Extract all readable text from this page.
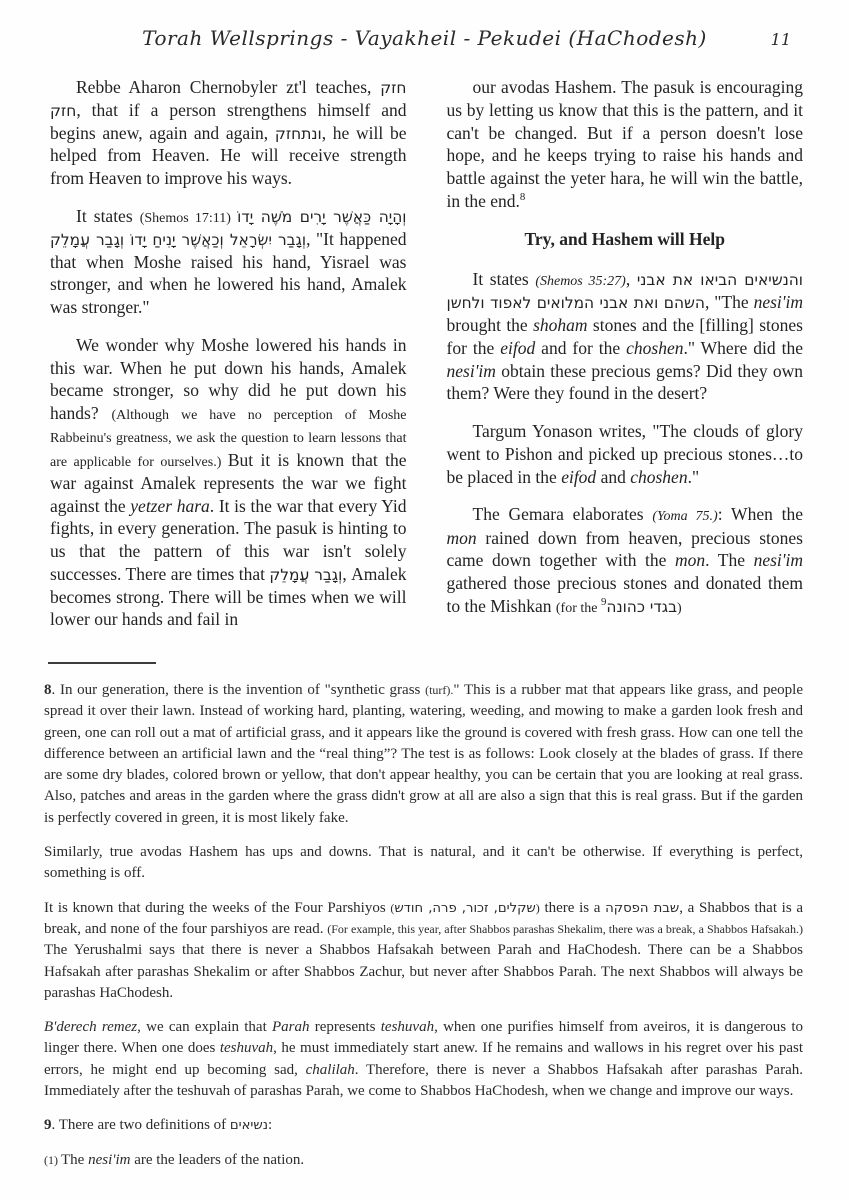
Torah Wellsprings - Vayakheil - Pekudei (HaChodesh)	11

Rebbe Aharon Chernobyler zt'l teaches, חזק חזק, that if a person strengthens himself and begins anew, again and again, ונתחזק, he will be helped from Heaven. He will receive strength from Heaven to improve his ways.

It states (Shemos 17:11) וְהָיָה כַּאֲשֶׁר יָרִים מֹשֶׁה יָדוֹ וְגָבַר יִשְׂרָאֵל וְכַאֲשֶׁר יָנִיחַ יָדוֹ וְגָבַר עֲמָלֵק, "It happened that when Moshe raised his hand, Yisrael was stronger, and when he lowered his hand, Amalek was stronger."

We wonder why Moshe lowered his hands in this war. When he put down his hands, Amalek became stronger, so why did he put down his hands? (Although we have no perception of Moshe Rabbeinu's greatness, we ask the question to learn lessons that are applicable for ourselves.) But it is known that the war against Amalek represents the war we fight against the yetzer hara. It is the war that every Yid fights, in every generation. The pasuk is hinting to us that the pattern of this war isn't solely successes. There are times that וְגָבַר עֲמָלֵק, Amalek becomes strong. There will be times when we will lower our hands and fail in

our avodas Hashem. The pasuk is encouraging us by letting us know that this is the pattern, and it can't be changed. But if a person doesn't lose hope, and he keeps trying to raise his hands and battle against the yeter hara, he will win the battle, in the end.$^8$

Try, and Hashem will Help

It states (Shemos 35:27), והנשיאים הביאו את אבני השהם ואת אבני המלואים לאפוד ולחשן, "The nesi'im brought the shoham stones and the [filling] stones for the eifod and for the choshen." Where did the nesi'im obtain these precious gems? Did they own them? Were they found in the desert?

Targum Yonason writes, "The clouds of glory went to Pishon and picked up precious stones…to be placed in the eifod and choshen."

The Gemara elaborates (Yoma 75.): When the mon rained down from heaven, precious stones came down together with the mon. The nesi'im gathered those precious stones and donated them to the Mishkan (for the $^9$בגדי כהונה)

8. In our generation, there is the invention of "synthetic grass (turf)." This is a rubber mat that appears like grass, and people spread it over their lawn. Instead of working hard, planting, watering, weeding, and mowing to make a garden look fresh and green, one can roll out a mat of artificial grass, and it appears like the ground is covered with fresh grass. How can one tell the difference between an artificial lawn and the “real thing”? The test is as follows: Look closely at the blades of grass. If there are some dry blades, colored brown or yellow, that don't appear healthy, you can be certain that you are looking at real grass. Also, patches and areas in the garden where the grass didn't grow at all are also a sign that this is real grass. But if the garden is perfectly covered in green, it is most likely fake.

Similarly, true avodas Hashem has ups and downs. That is natural, and it can't be otherwise. If everything is perfect, something is off.

It is known that during the weeks of the Four Parshiyos (שקלים, זכור, פרה, חודש) there is a שבת הפסקה, a Shabbos that is a break, and none of the four parshiyos are read. (For example, this year, after Shabbos parashas Shekalim, there was a break, a Shabbos Hafsakah.) The Yerushalmi says that there is never a Shabbos Hafsakah between Parah and HaChodesh. There can be a Shabbos Hafsakah after parashas Shekalim or after Shabbos Zachur, but never after Shabbos Parah. The next Shabbos will always be parashas HaChodesh.

B'derech remez, we can explain that Parah represents teshuvah, when one purifies himself from aveiros, it is dangerous to linger there. When one does teshuvah, he must immediately start anew. If he remains and wallows in his regret over his past errors, he might end up becoming sad, chalilah. Therefore, there is never a Shabbos Hafsakah after parashas Parah. Immediately after the teshuvah of parashas Parah, we come to Shabbos HaChodesh, when we change and improve our ways.

9. There are two definitions of נשיאים:

(1) The nesi'im are the leaders of the nation.
